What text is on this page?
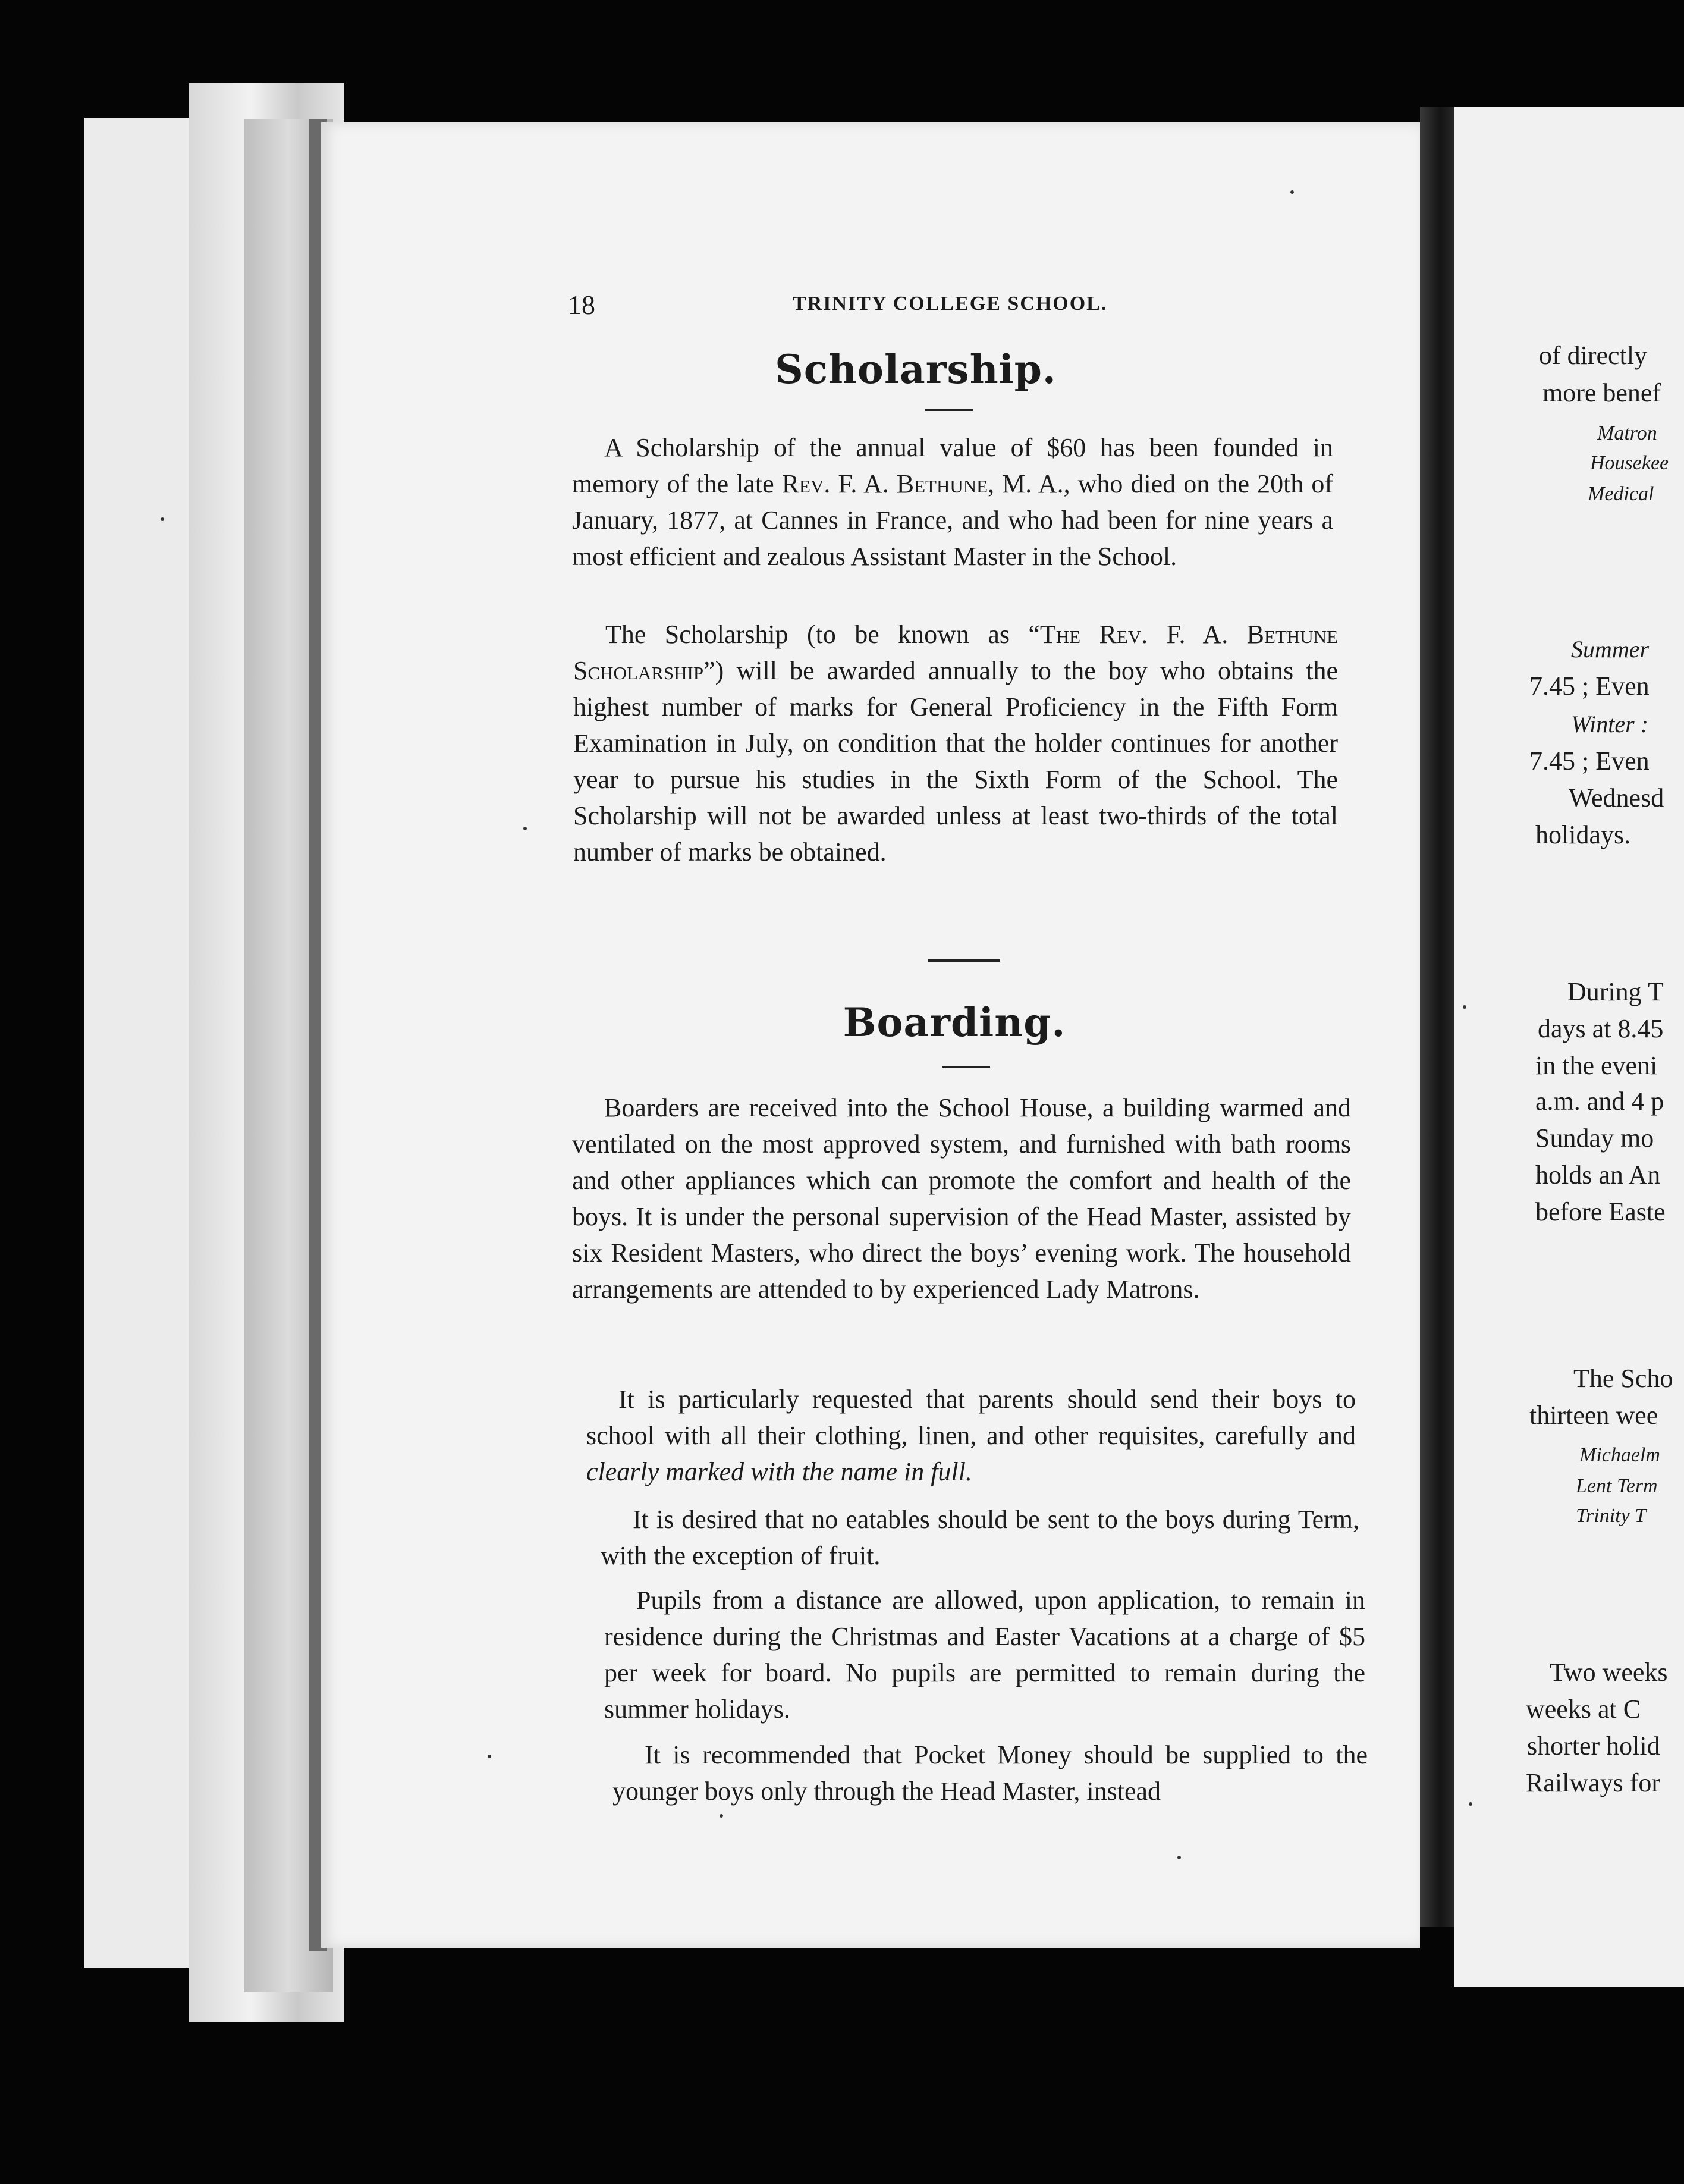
18	TRINITY COLLEGE SCHOOL.
Scholarship.

A Scholarship of the annual value of $60 has been founded in memory of the late Rev. F. A. Bethune, M. A., who died on the 20th of January, 1877, at Cannes in France, and who had been for nine years a most efficient and zealous Assistant Master in the School.

The Scholarship (to be known as “The Rev. F. A. Bethune Scholarship”) will be awarded annually to the boy who obtains the highest number of marks for General Proficiency in the Fifth Form Examination in July, on condition that the holder continues for another year to pursue his studies in the Sixth Form of the School. The Scholarship will not be awarded unless at least two-thirds of the total number of marks be obtained.

Boarding.

Boarders are received into the School House, a building warmed and ventilated on the most approved system, and furnished with bath rooms and other appliances which can promote the comfort and health of the boys. It is under the personal supervision of the Head Master, assisted by six Resident Masters, who direct the boys’ evening work. The household arrangements are attended to by experienced Lady Matrons.

It is particularly requested that parents should send their boys to school with all their clothing, linen, and other requisites, carefully and clearly marked with the name in full.

It is desired that no eatables should be sent to the boys during Term, with the exception of fruit.

Pupils from a distance are allowed, upon application, to remain in residence during the Christmas and Easter Vacations at a charge of $5 per week for board. No pupils are permitted to remain during the summer holidays.

It is recommended that Pocket Money should be supplied to the younger boys only through the Head Master, instead

of directly
more benef
Matron
Housekee
Medical
Summer
7.45 ; Even
Winter :
7.45 ; Even
Wednesd
holidays.
During T
days at 8.45
in the eveni
a.m. and 4 p
Sunday mo
holds an An
before Easte
The Scho
thirteen wee
Michaelm
Lent Term
Trinity T
Two weeks
weeks at C
shorter holid
Railways for
